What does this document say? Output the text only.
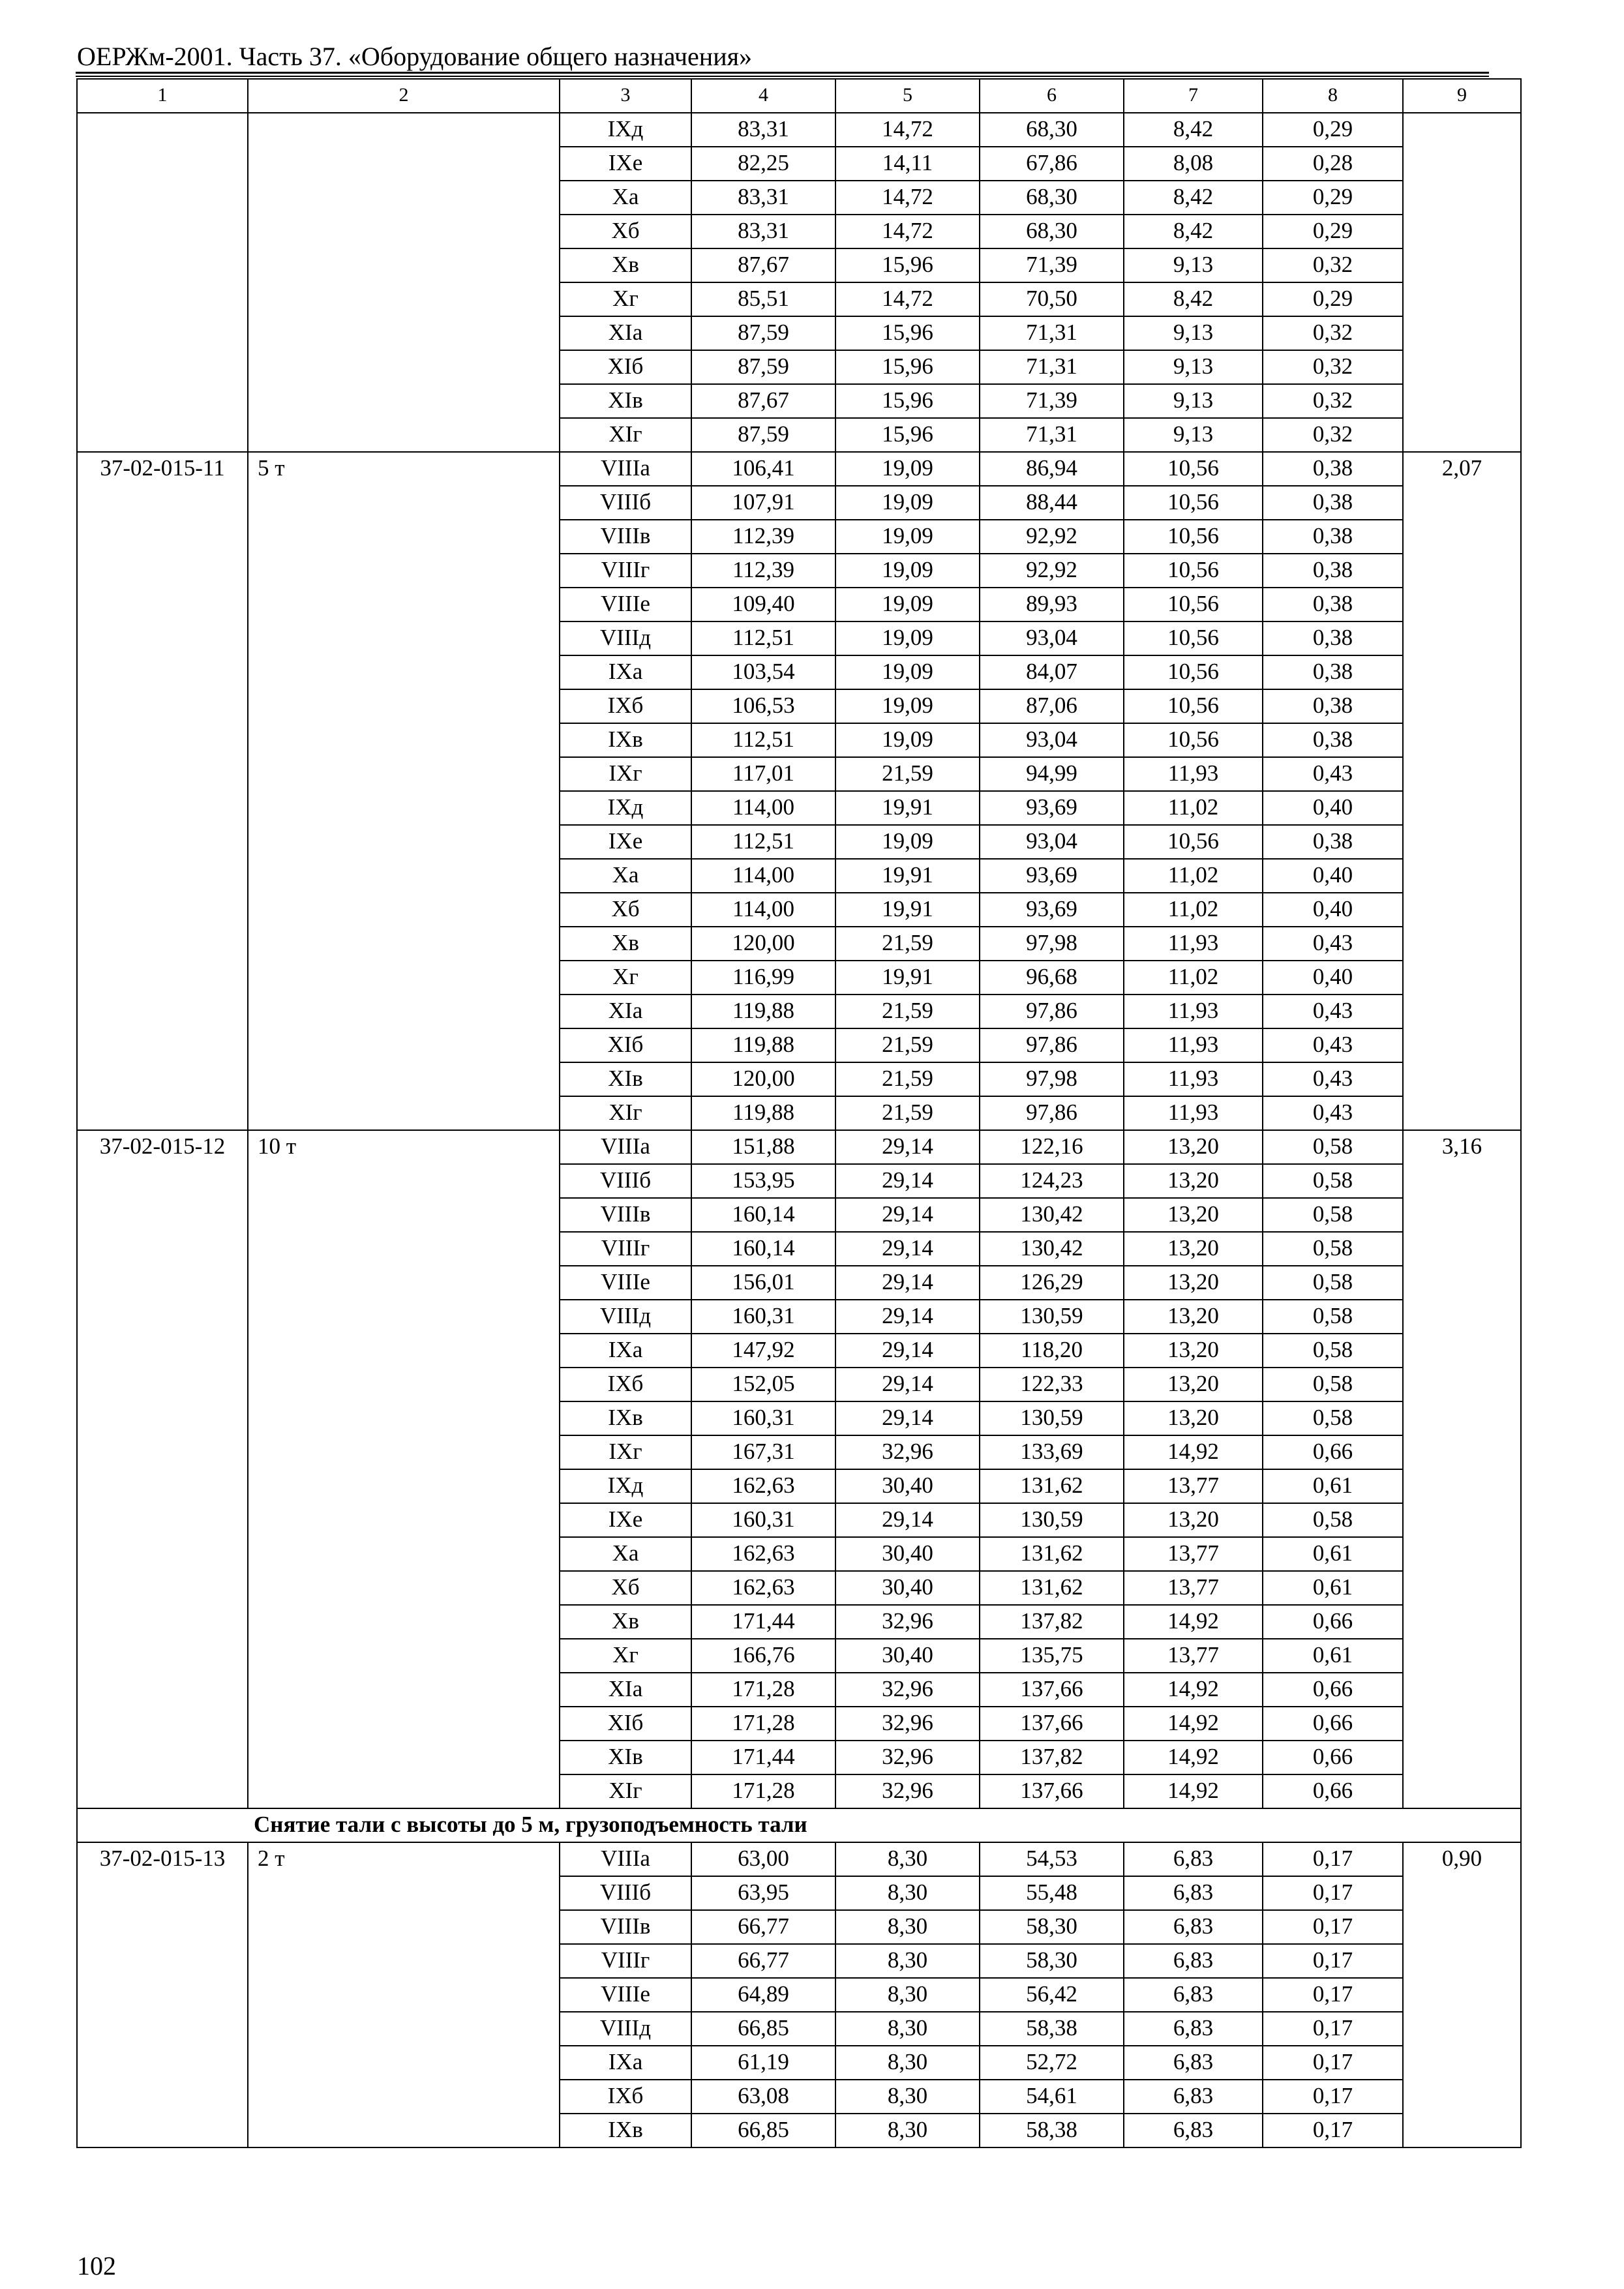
ОЕРЖм-2001. Часть 37. «Оборудование общего назначения»
1	2	3	4	5	6	7	8	9
		IXд	83,31	14,72	68,30	8,42	0,29	
		IXе	82,25	14,11	67,86	8,08	0,28	
		Xа	83,31	14,72	68,30	8,42	0,29	
		Xб	83,31	14,72	68,30	8,42	0,29	
		Xв	87,67	15,96	71,39	9,13	0,32	
		Xг	85,51	14,72	70,50	8,42	0,29	
		XIа	87,59	15,96	71,31	9,13	0,32	
		XIб	87,59	15,96	71,31	9,13	0,32	
		XIв	87,67	15,96	71,39	9,13	0,32	
		XIг	87,59	15,96	71,31	9,13	0,32	
37-02-015-11	5 т	VIIIа	106,41	19,09	86,94	10,56	0,38	2,07
		VIIIб	107,91	19,09	88,44	10,56	0,38	
		VIIIв	112,39	19,09	92,92	10,56	0,38	
		VIIIг	112,39	19,09	92,92	10,56	0,38	
		VIIIе	109,40	19,09	89,93	10,56	0,38	
		VIIIд	112,51	19,09	93,04	10,56	0,38	
		IXа	103,54	19,09	84,07	10,56	0,38	
		IXб	106,53	19,09	87,06	10,56	0,38	
		IXв	112,51	19,09	93,04	10,56	0,38	
		IXг	117,01	21,59	94,99	11,93	0,43	
		IXд	114,00	19,91	93,69	11,02	0,40	
		IXе	112,51	19,09	93,04	10,56	0,38	
		Xа	114,00	19,91	93,69	11,02	0,40	
		Xб	114,00	19,91	93,69	11,02	0,40	
		Xв	120,00	21,59	97,98	11,93	0,43	
		Xг	116,99	19,91	96,68	11,02	0,40	
		XIа	119,88	21,59	97,86	11,93	0,43	
		XIб	119,88	21,59	97,86	11,93	0,43	
		XIв	120,00	21,59	97,98	11,93	0,43	
		XIг	119,88	21,59	97,86	11,93	0,43	
37-02-015-12	10 т	VIIIа	151,88	29,14	122,16	13,20	0,58	3,16
		VIIIб	153,95	29,14	124,23	13,20	0,58	
		VIIIв	160,14	29,14	130,42	13,20	0,58	
		VIIIг	160,14	29,14	130,42	13,20	0,58	
		VIIIе	156,01	29,14	126,29	13,20	0,58	
		VIIIд	160,31	29,14	130,59	13,20	0,58	
		IXа	147,92	29,14	118,20	13,20	0,58	
		IXб	152,05	29,14	122,33	13,20	0,58	
		IXв	160,31	29,14	130,59	13,20	0,58	
		IXг	167,31	32,96	133,69	14,92	0,66	
		IXд	162,63	30,40	131,62	13,77	0,61	
		IXе	160,31	29,14	130,59	13,20	0,58	
		Xа	162,63	30,40	131,62	13,77	0,61	
		Xб	162,63	30,40	131,62	13,77	0,61	
		Xв	171,44	32,96	137,82	14,92	0,66	
		Xг	166,76	30,40	135,75	13,77	0,61	
		XIа	171,28	32,96	137,66	14,92	0,66	
		XIб	171,28	32,96	137,66	14,92	0,66	
		XIв	171,44	32,96	137,82	14,92	0,66	
		XIг	171,28	32,96	137,66	14,92	0,66	
Снятие тали с высоты до 5 м, грузоподъемность тали								
37-02-015-13	2 т	VIIIа	63,00	8,30	54,53	6,83	0,17	0,90
		VIIIб	63,95	8,30	55,48	6,83	0,17	
		VIIIв	66,77	8,30	58,30	6,83	0,17	
		VIIIг	66,77	8,30	58,30	6,83	0,17	
		VIIIе	64,89	8,30	56,42	6,83	0,17	
		VIIIд	66,85	8,30	58,38	6,83	0,17	
		IXа	61,19	8,30	52,72	6,83	0,17	
		IXб	63,08	8,30	54,61	6,83	0,17	
		IXв	66,85	8,30	58,38	6,83	0,17	
102
